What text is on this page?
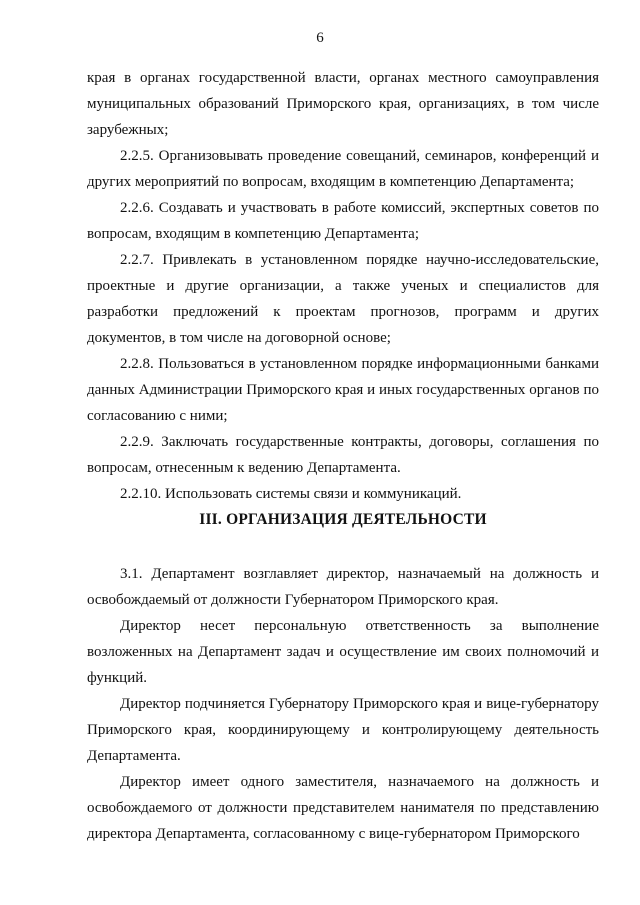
6
края в органах государственной власти, органах местного самоуправления
муниципальных образований Приморского края, организациях, в том числе
зарубежных;
2.2.5. Организовывать проведение совещаний, семинаров, конференций и
других мероприятий по вопросам, входящим в компетенцию Департамента;
2.2.6. Создавать и участвовать в работе комиссий, экспертных советов по
вопросам, входящим в компетенцию Департамента;
2.2.7. Привлекать в установленном порядке научно-исследовательские,
проектные и другие организации, а также ученых и специалистов для
разработки предложений к проектам прогнозов, программ и других
документов, в том числе на договорной основе;
2.2.8. Пользоваться в установленном порядке информационными банками
данных Администрации Приморского края и иных государственных органов по
согласованию с ними;
2.2.9. Заключать государственные контракты, договоры, соглашения по
вопросам, отнесенным к ведению Департамента.
2.2.10. Использовать системы связи и коммуникаций.
III. ОРГАНИЗАЦИЯ ДЕЯТЕЛЬНОСТИ
3.1. Департамент возглавляет директор, назначаемый на должность и
освобождаемый от должности Губернатором Приморского края.
Директор несет персональную ответственность за выполнение
возложенных на Департамент задач и осуществление им своих полномочий и
функций.
Директор подчиняется Губернатору Приморского края и вице-губернатору
Приморского края, координирующему и контролирующему деятельность
Департамента.
Директор имеет одного заместителя, назначаемого на должность и
освобождаемого от должности представителем нанимателя по представлению
директора Департамента, согласованному с вице-губернатором Приморского
